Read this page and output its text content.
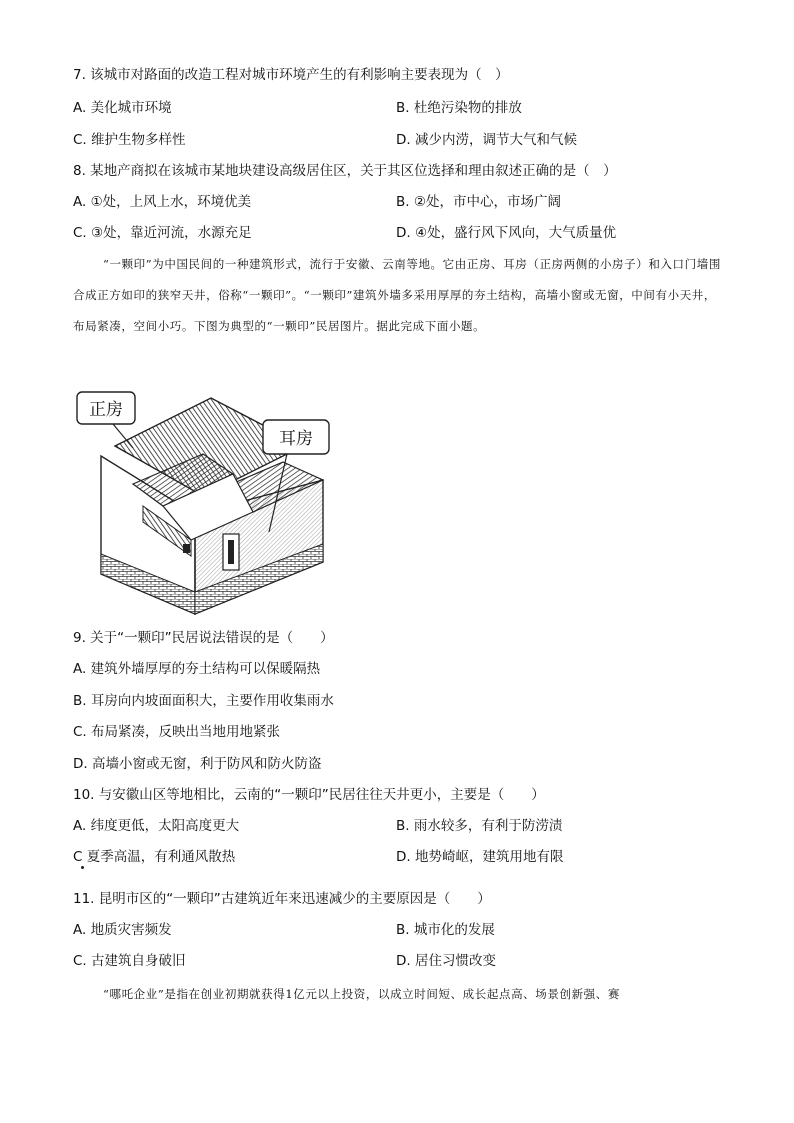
7. 该城市对路面的改造工程对城市环境产生的有利影响主要表现为（　）
A. 美化城市环境	B. 杜绝污染物的排放
C. 维护生物多样性	D. 减少内涝，调节大气和气候
8. 某地产商拟在该城市某地块建设高级居住区，关于其区位选择和理由叙述正确的是（　）
A. ①处，上风上水，环境优美	B. ②处，市中心，市场广阔
C. ③处，靠近河流，水源充足	D. ④处，盛行风下风向，大气质量优
“一颗印”为中国民间的一种建筑形式，流行于安徽、云南等地。它由正房、耳房（正房两侧的小房子）和入口门墙围合成正方如印的狭窄天井，俗称“一颗印”。“一颗印”建筑外墙多采用厚厚的夯土结构，高墙小窗或无窗，中间有小天井，布局紧凑，空间小巧。下图为典型的“一颗印”民居图片。据此完成下面小题。
正房
耳房
9. 关于“一颗印”民居说法错误的是（　　）
A. 建筑外墙厚厚的夯土结构可以保暖隔热
B. 耳房向内坡面面积大，主要作用收集雨水
C. 布局紧凑，反映出当地用地紧张
D. 高墙小窗或无窗，利于防风和防火防盗
10. 与安徽山区等地相比，云南的“一颗印”民居往往天井更小，主要是（　　）
A. 纬度更低，太阳高度更大	B. 雨水较多，有利于防涝渍
C 夏季高温，有利通风散热	D. 地势崎岖，建筑用地有限
11. 昆明市区的“一颗印”古建筑近年来迅速减少的主要原因是（　　）
A. 地质灾害频发	B. 城市化的发展
C. 古建筑自身破旧	D. 居住习惯改变
“哪吒企业”是指在创业初期就获得1亿元以上投资，以成立时间短、成长起点高、场景创新强、赛
